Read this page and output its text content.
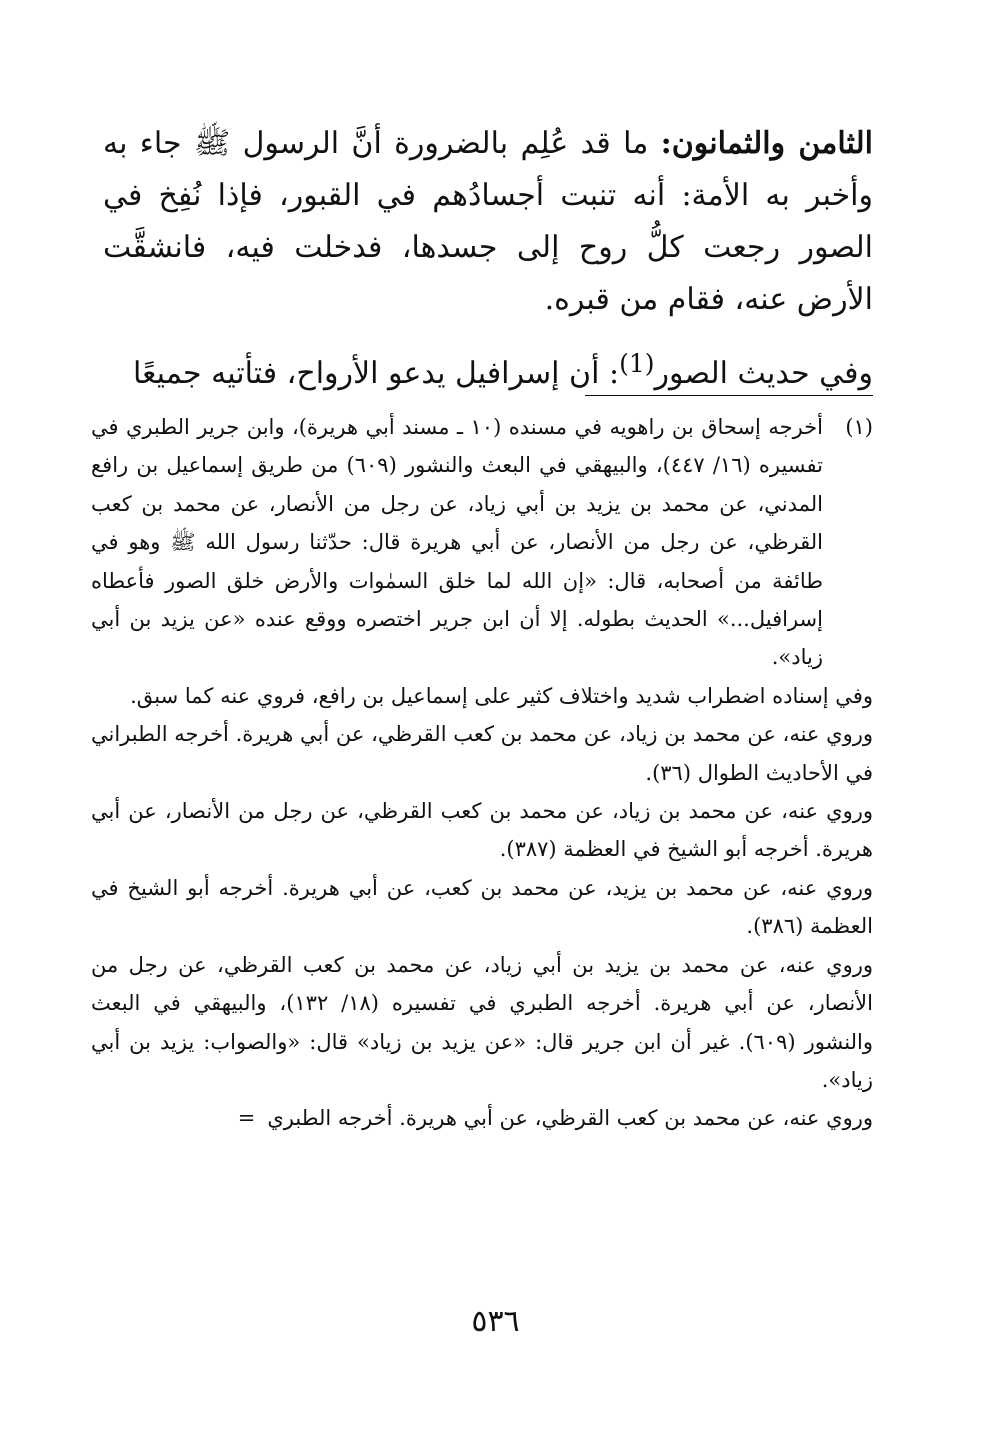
الثامن والثمانون: ما قد عُلِم بالضرورة أنَّ الرسول ﷺ جاء به وأخبر به الأمة: أنه تنبت أجسادُهم في القبور، فإذا نُفِخ في الصور رجعت كلُّ روح إلى جسدها، فدخلت فيه، فانشقَّت الأرض عنه، فقام من قبره.

وفي حديث الصور$^{(1)}$: أن إسرافيل يدعو الأرواح، فتأتيه جميعًا

(١)
أخرجه إسحاق بن راهويه في مسنده (١٠ ـ مسند أبي هريرة)، وابن جرير الطبري في تفسيره (١٦/ ٤٤٧)، والبيهقي في البعث والنشور (٦٠٩) من طريق إسماعيل بن رافع المدني، عن محمد بن يزيد بن أبي زياد، عن رجل من الأنصار، عن محمد بن كعب القرظي، عن رجل من الأنصار، عن أبي هريرة قال: حدّثنا رسول الله ﷺ وهو في طائفة من أصحابه، قال: «إن الله لما خلق السمٰوات والأرض خلق الصور فأعطاه إسرافيل...» الحديث بطوله. إلا أن ابن جرير اختصره ووقع عنده «عن يزيد بن أبي زياد».

وفي إسناده اضطراب شديد واختلاف كثير على إسماعيل بن رافع، فروي عنه كما سبق.

وروي عنه، عن محمد بن زياد، عن محمد بن كعب القرظي، عن أبي هريرة. أخرجه الطبراني في الأحاديث الطوال (٣٦).

وروي عنه، عن محمد بن زياد، عن محمد بن كعب القرظي، عن رجل من الأنصار، عن أبي هريرة. أخرجه أبو الشيخ في العظمة (٣٨٧).

وروي عنه، عن محمد بن يزيد، عن محمد بن كعب، عن أبي هريرة. أخرجه أبو الشيخ في العظمة (٣٨٦).

وروي عنه، عن محمد بن يزيد بن أبي زياد، عن محمد بن كعب القرظي، عن رجل من الأنصار، عن أبي هريرة. أخرجه الطبري في تفسيره (١٨/ ١٣٢)، والبيهقي في البعث والنشور (٦٠٩). غير أن ابن جرير قال: «عن يزيد بن زياد» قال: «والصواب: يزيد بن أبي زياد».

وروي عنه، عن محمد بن كعب القرظي، عن أبي هريرة. أخرجه الطبري=

٥٣٦
